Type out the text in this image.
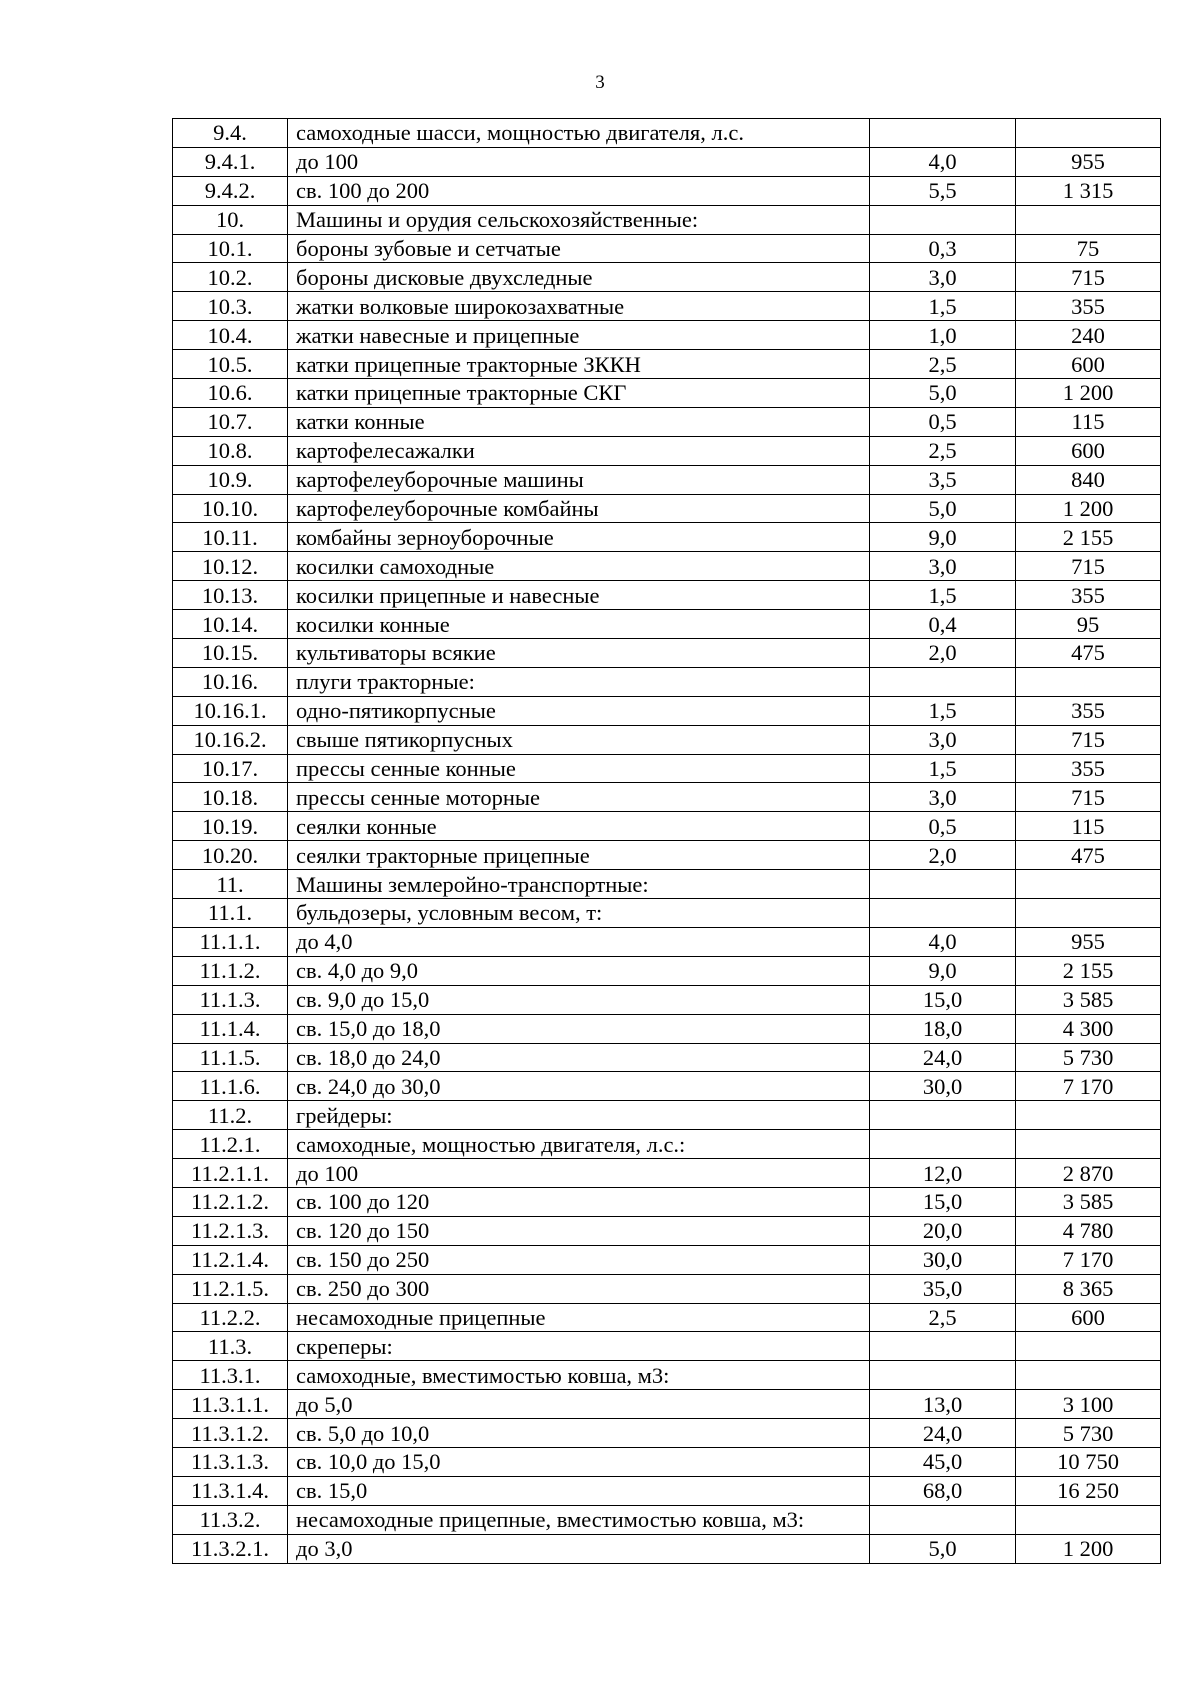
3
9.4.	самоходные шасси, мощностью двигателя, л.с.		
9.4.1.	до 100	4,0	955
9.4.2.	св. 100 до 200	5,5	1 315
10.	Машины и орудия сельскохозяйственные:		
10.1.	бороны зубовые и сетчатые	0,3	75
10.2.	бороны дисковые двухследные	3,0	715
10.3.	жатки волковые широкозахватные	1,5	355
10.4.	жатки навесные и прицепные	1,0	240
10.5.	катки прицепные тракторные ЗККН	2,5	600
10.6.	катки прицепные тракторные СКГ	5,0	1 200
10.7.	катки конные	0,5	115
10.8.	картофелесажалки	2,5	600
10.9.	картофелеуборочные машины	3,5	840
10.10.	картофелеуборочные комбайны	5,0	1 200
10.11.	комбайны зерноуборочные	9,0	2 155
10.12.	косилки самоходные	3,0	715
10.13.	косилки прицепные и навесные	1,5	355
10.14.	косилки конные	0,4	95
10.15.	культиваторы всякие	2,0	475
10.16.	плуги тракторные:		
10.16.1.	одно-пятикорпусные	1,5	355
10.16.2.	свыше пятикорпусных	3,0	715
10.17.	прессы сенные конные	1,5	355
10.18.	прессы сенные моторные	3,0	715
10.19.	сеялки конные	0,5	115
10.20.	сеялки тракторные прицепные	2,0	475
11.	Машины землеройно-транспортные:		
11.1.	бульдозеры, условным весом, т:		
11.1.1.	до 4,0	4,0	955
11.1.2.	св. 4,0 до 9,0	9,0	2 155
11.1.3.	св. 9,0 до 15,0	15,0	3 585
11.1.4.	св. 15,0 до 18,0	18,0	4 300
11.1.5.	св. 18,0 до 24,0	24,0	5 730
11.1.6.	св. 24,0 до 30,0	30,0	7 170
11.2.	грейдеры:		
11.2.1.	самоходные, мощностью двигателя, л.с.:		
11.2.1.1.	до 100	12,0	2 870
11.2.1.2.	св. 100 до 120	15,0	3 585
11.2.1.3.	св. 120 до 150	20,0	4 780
11.2.1.4.	св. 150 до 250	30,0	7 170
11.2.1.5.	св. 250 до 300	35,0	8 365
11.2.2.	несамоходные прицепные	2,5	600
11.3.	скреперы:		
11.3.1.	самоходные, вместимостью ковша, м3:		
11.3.1.1.	до 5,0	13,0	3 100
11.3.1.2.	св. 5,0 до 10,0	24,0	5 730
11.3.1.3.	св. 10,0 до 15,0	45,0	10 750
11.3.1.4.	св. 15,0	68,0	16 250
11.3.2.	несамоходные прицепные, вместимостью ковша, м3:		
11.3.2.1.	до 3,0	5,0	1 200
